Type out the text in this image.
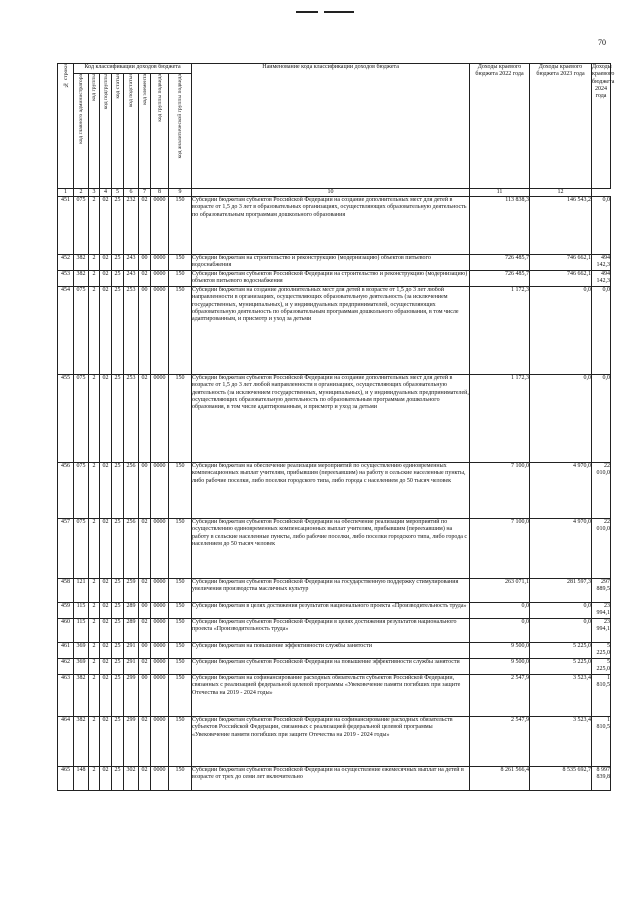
70
№ строки	Код классификации доходов бюджета								Наименование кода классификации доходов бюджета	Доходы краевого бюджета 2022 года	Доходы краевого бюджета 2023 года	Доходы краевого бюджета 2024 года

	код главного администратора	код группы	код подгруппы	код статьи	код подстатьи	код элемента	код группы подвида	код аналитической группы подвида				

1	2	3	4	5	6	7	8	9	10	11	12	
451	075	2	02	25	232	02	0000	150	Субсидии бюджетам субъектов Российской Федерации на создание дополнительных мест для детей в возрасте от 1,5 до 3 лет в образовательных организациях, осуществляющих образовательную деятельность по образовательным программам дошкольного образования	113 838,3	146 543,2	0,0
452	382	2	02	25	243	00	0000	150	Субсидии бюджетам на строительство и реконструкцию (модернизацию) объектов питьевого водоснабжения	726 485,7	746 662,1	494 142,3
453	382	2	02	25	243	02	0000	150	Субсидии бюджетам субъектов Российской Федерации на строительство и реконструкцию (модернизацию) объектов питьевого водоснабжения	726 485,7	746 662,1	494 142,3
454	075	2	02	25	253	00	0000	150	Субсидии бюджетам на создание дополнительных мест для детей в возрасте от 1,5 до 3 лет любой направленности в организациях, осуществляющих образовательную деятельность (за исключением государственных, муниципальных), и у индивидуальных предпринимателей, осуществляющих образовательную деятельность по образовательным программам дошкольного образования, в том числе адаптированным, и присмотр и уход за детьми	1 172,3	0,0	0,0
455	075	2	02	25	253	02	0000	150	Субсидии бюджетам субъектов Российской Федерации на создание дополнительных мест для детей в возрасте от 1,5 до 3 лет любой направленности в организациях, осуществляющих образовательную деятельность (за исключением государственных, муниципальных), и у индивидуальных предпринимателей, осуществляющих образовательную деятельность по образовательным программам дошкольного образования, в том числе адаптированным, и присмотр и уход за детьми	1 172,3	0,0	0,0
456	075	2	02	25	256	00	0000	150	Субсидии бюджетам на обеспечение реализации мероприятий по осуществлению единовременных компенсационных выплат учителям, прибывшим (переехавшим) на работу в сельские населенные пункты, либо рабочие поселки, либо поселки городского типа, либо города с населением до 50 тысяч человек	7 100,0	4 970,0	22 010,0
457	075	2	02	25	256	02	0000	150	Субсидии бюджетам субъектов Российской Федерации на обеспечение реализации мероприятий по осуществлению единовременных компенсационных выплат учителям, прибывшим (переехавшим) на работу в сельские населенные пункты, либо рабочие поселки, либо поселки городского типа, либо города с населением до 50 тысяч человек	7 100,0	4 970,0	22 010,0
458	121	2	02	25	259	02	0000	150	Субсидии бюджетам субъектов Российской Федерации на государственную поддержку стимулирования увеличения производства масличных культур	263 071,1	281 597,3	297 889,5
459	115	2	02	25	289	00	0000	150	Субсидии бюджетам в целях достижения результатов национального проекта «Производительность труда»	0,0	0,0	23 994,1
460	115	2	02	25	289	02	0000	150	Субсидии бюджетам субъектов Российской Федерации в целях достижения результатов национального проекта «Производительность труда»	0,0	0,0	23 994,1
461	369	2	02	25	291	00	0000	150	Субсидии бюджетам на повышение эффективности службы занятости	9 500,0	5 225,0	5 225,0
462	369	2	02	25	291	02	0000	150	Субсидии бюджетам субъектов Российской Федерации на повышение эффективности службы занятости	9 500,0	5 225,0	5 225,0
463	382	2	02	25	299	00	0000	150	Субсидии бюджетам на софинансирование расходных обязательств субъектов Российской Федерации, связанных с реализацией федеральной целевой программы «Увековечение памяти погибших при защите Отечества на 2019 - 2024 годы»	2 547,9	3 523,4	1 810,5
464	382	2	02	25	299	02	0000	150	Субсидии бюджетам субъектов Российской Федерации на софинансирование расходных обязательств субъектов Российской Федерации, связанных с реализацией федеральной целевой программы «Увековечение памяти погибших при защите Отечества на 2019 - 2024 годы»	2 547,9	3 523,4	1 810,5
465	148	2	02	25	302	02	0000	150	Субсидии бюджетам субъектов Российской Федерации на осуществление ежемесячных выплат на детей в возрасте от трех до семи лет включительно	8 261 566,4	8 535 692,7	8 997 839,8
